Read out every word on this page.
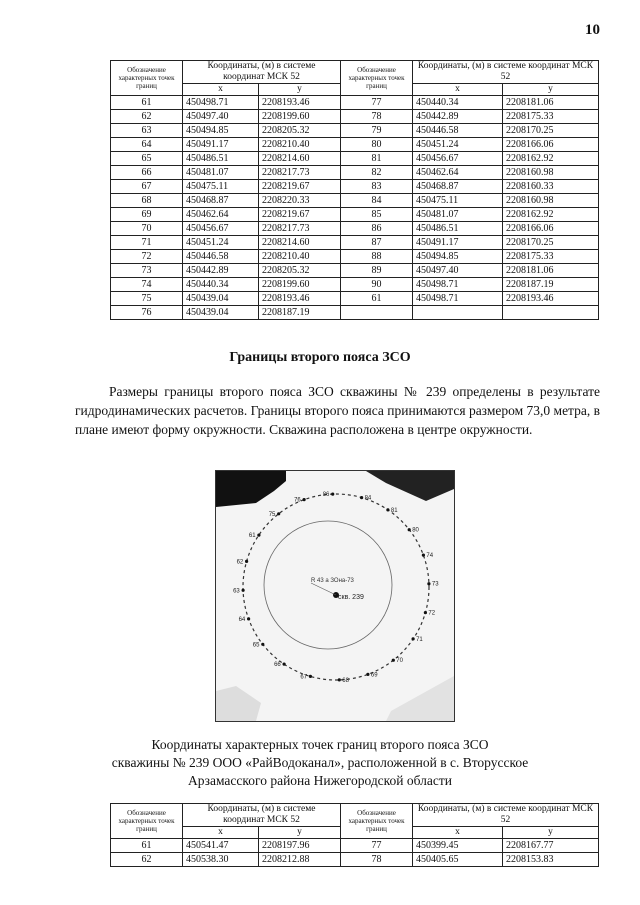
10
Обозначение характерных точек границ	Координаты, (м) в системе координат МСК 52		Обозначение характерных точек границ	Координаты, (м) в системе координат МСК 52	
	x	y		x	y
61	450498.71	2208193.46	77	450440.34	2208181.06
62	450497.40	2208199.60	78	450442.89	2208175.33
63	450494.85	2208205.32	79	450446.58	2208170.25
64	450491.17	2208210.40	80	450451.24	2208166.06
65	450486.51	2208214.60	81	450456.67	2208162.92
66	450481.07	2208217.73	82	450462.64	2208160.98
67	450475.11	2208219.67	83	450468.87	2208160.33
68	450468.87	2208220.33	84	450475.11	2208160.98
69	450462.64	2208219.67	85	450481.07	2208162.92
70	450456.67	2208217.73	86	450486.51	2208166.06
71	450451.24	2208214.60	87	450491.17	2208170.25
72	450446.58	2208210.40	88	450494.85	2208175.33
73	450442.89	2208205.32	89	450497.40	2208181.06
74	450440.34	2208199.60	90	450498.71	2208187.19
75	450439.04	2208193.46	61	450498.71	2208193.46
76	450439.04	2208187.19			
Границы второго пояса ЗСО

Размеры границы второго пояса ЗСО скважины № 239 определены в результате гидродинамических расчетов. Границы второго пояса принимаются размером 73,0 метра, в плане имеют форму окружности. Скважина расположена в центре окружности.

скв. 239
R 43 а ЗОна-73
76
75
61
62
63
64
65
66
67
68
69
70
71
72
73
74
80
81
84
86
Координаты характерных точек границ второго пояса ЗСО
скважины № 239 ООО «РайВодоканал», расположенной в с. Вторусское
Арзамасского района Нижегородской области
Обозначение характерных точек границ	Координаты, (м) в системе координат МСК 52		Обозначение характерных точек границ	Координаты, (м) в системе координат МСК 52	
	x	y		x	y
61	450541.47	2208197.96	77	450399.45	2208167.77
62	450538.30	2208212.88	78	450405.65	2208153.83
